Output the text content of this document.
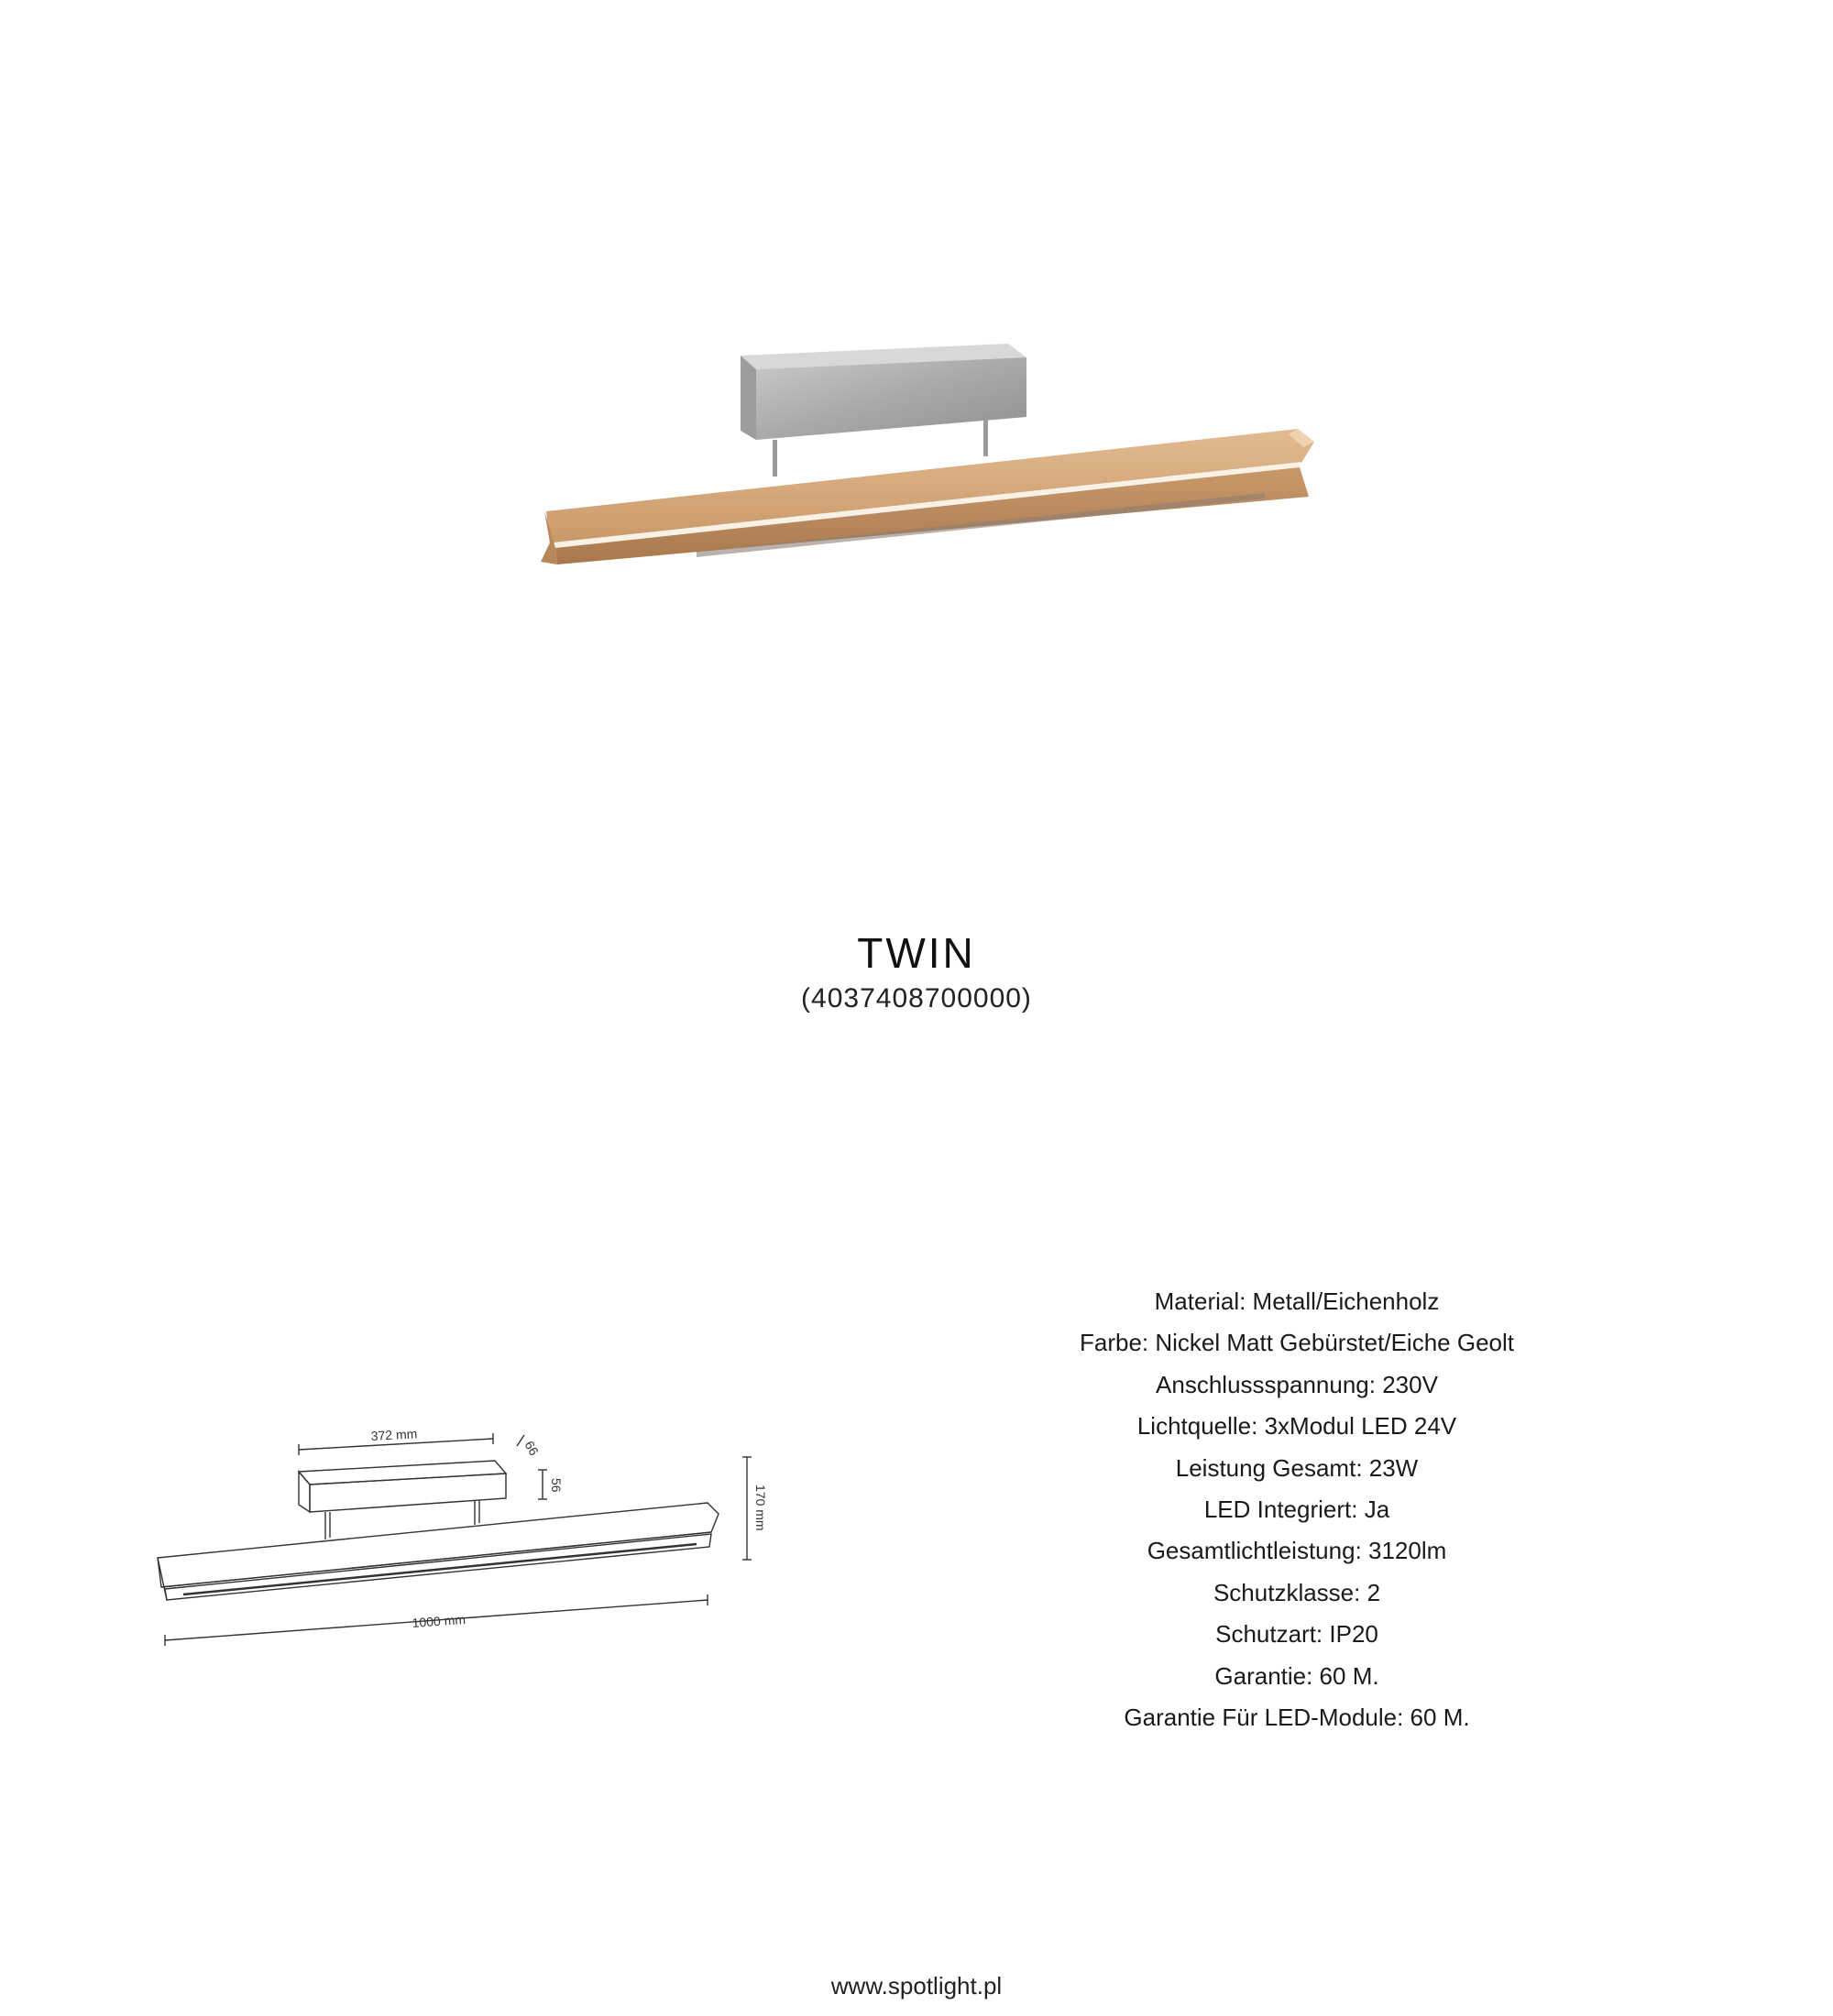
TWIN
(4037408700000)
372 mm
66
56	170 mm
1000 mm
Material: Metall/Eichenholz
Farbe: Nickel Matt Gebürstet/Eiche Geolt
Anschlussspannung: 230V
Lichtquelle: 3xModul LED 24V
Leistung Gesamt: 23W
LED Integriert: Ja
Gesamtlichtleistung: 3120lm
Schutzklasse: 2
Schutzart: IP20
Garantie: 60 M.
Garantie Für LED-Module: 60 M.
www.spotlight.pl
